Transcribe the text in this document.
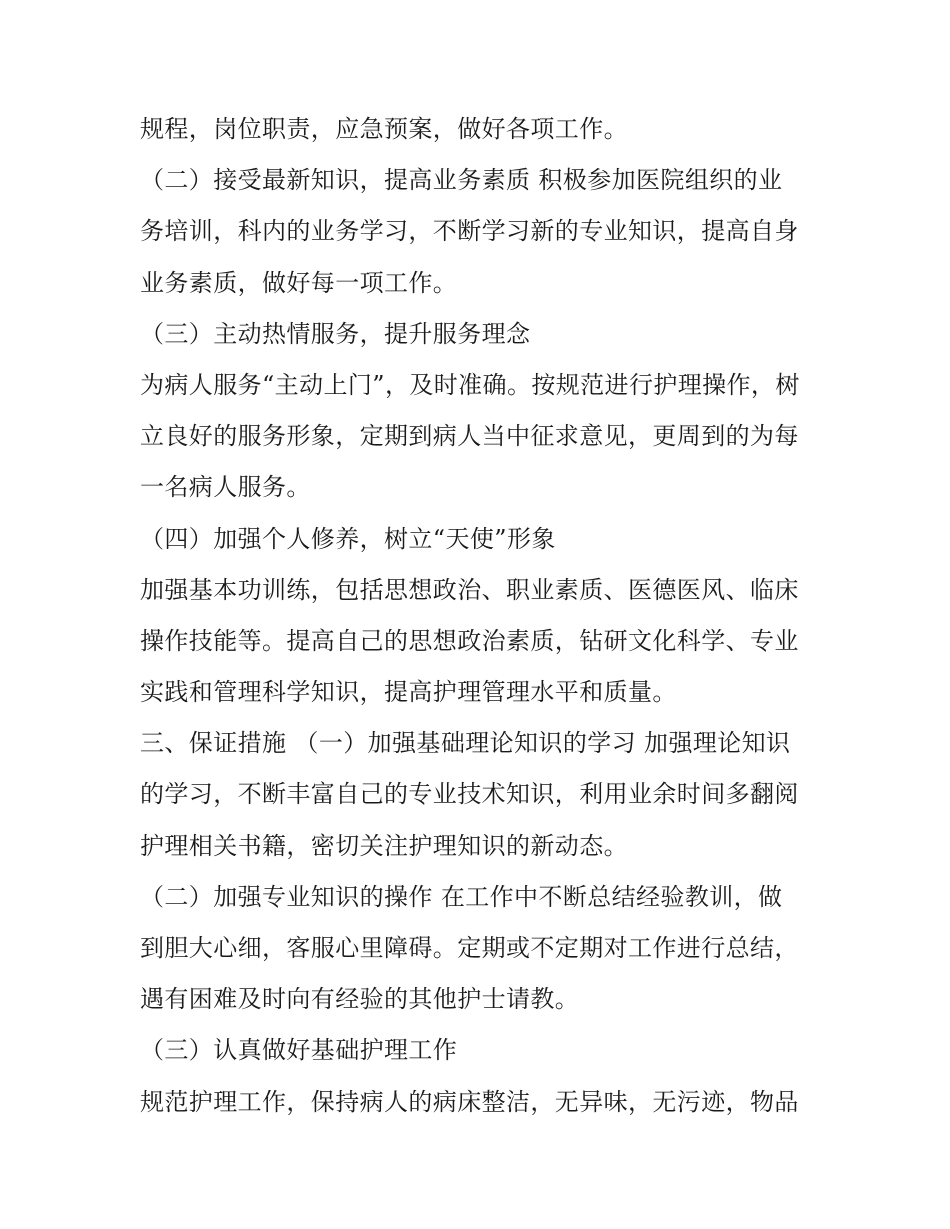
规程，岗位职责，应急预案，做好各项工作。
（二）接受最新知识，提高业务素质 积极参加医院组织的业
务培训，科内的业务学习，不断学习新的专业知识，提高自身
业务素质，做好每一项工作。
（三）主动热情服务，提升服务理念
为病人服务“主动上门”，及时准确。按规范进行护理操作，树
立良好的服务形象，定期到病人当中征求意见，更周到的为每
一名病人服务。
（四）加强个人修养，树立“天使”形象
加强基本功训练，包括思想政治、职业素质、医德医风、临床
操作技能等。提高自己的思想政治素质，钻研文化科学、专业
实践和管理科学知识，提高护理管理水平和质量。
三、保证措施 （一）加强基础理论知识的学习 加强理论知识
的学习，不断丰富自己的专业技术知识，利用业余时间多翻阅
护理相关书籍，密切关注护理知识的新动态。
（二）加强专业知识的操作 在工作中不断总结经验教训，做
到胆大心细，客服心里障碍。定期或不定期对工作进行总结，
遇有困难及时向有经验的其他护士请教。
（三）认真做好基础护理工作
规范护理工作，保持病人的病床整洁，无异味，无污迹，物品
